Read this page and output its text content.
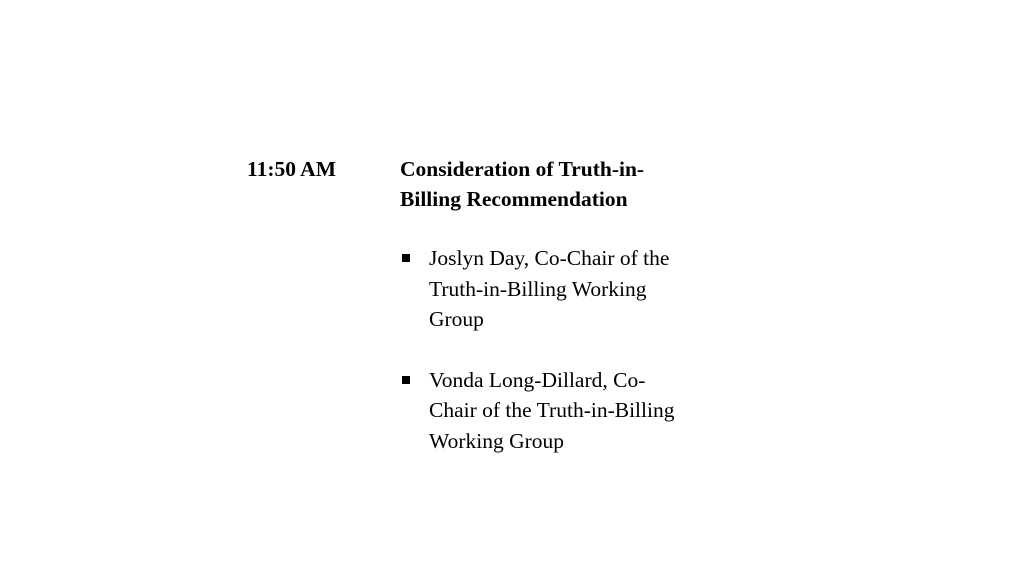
11:50 AM	Consideration of Truth-in-
Billing Recommendation
Joslyn Day, Co-Chair of the
Truth-in-Billing Working
Group
Vonda Long-Dillard, Co-
Chair of the Truth-in-Billing
Working Group
